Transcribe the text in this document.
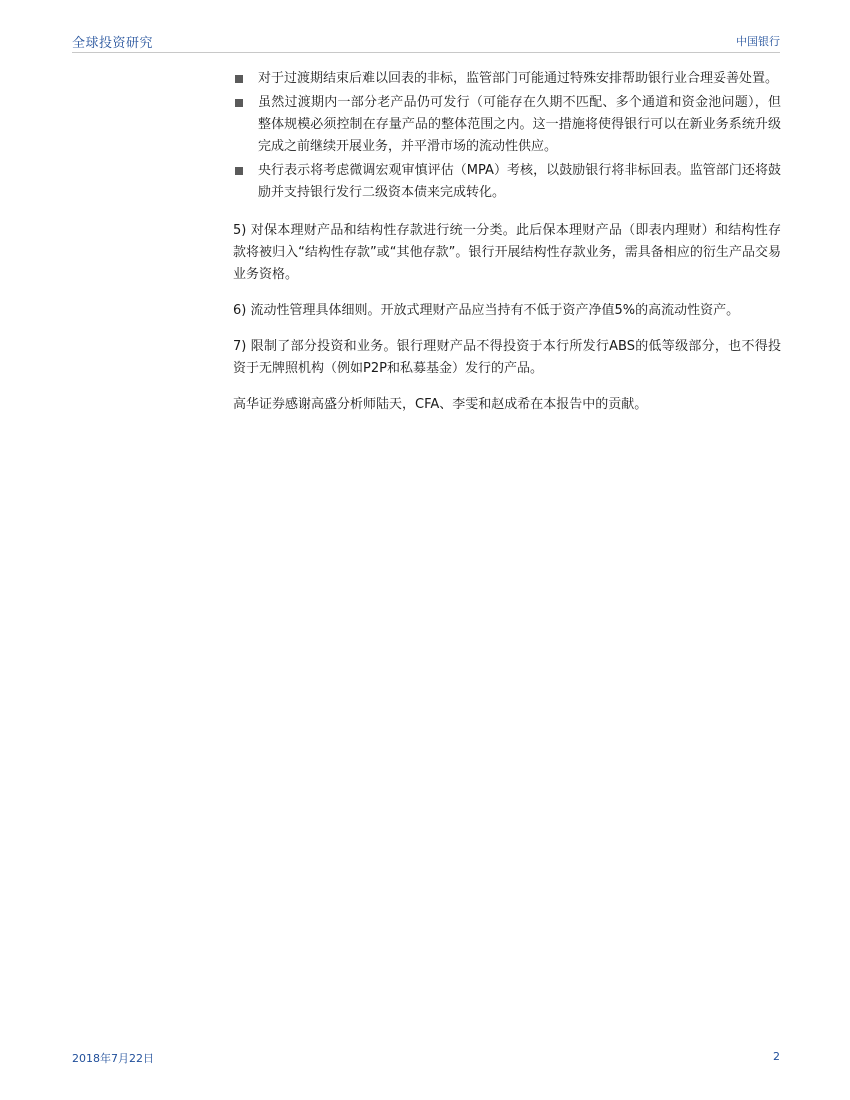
全球投资研究	中国银行
对于过渡期结束后难以回表的非标，监管部门可能通过特殊安排帮助银行业合理妥善处置。
虽然过渡期内一部分老产品仍可发行（可能存在久期不匹配、多个通道和资金池问题），但整体规模必须控制在存量产品的整体范围之内。这一措施将使得银行可以在新业务系统升级完成之前继续开展业务，并平滑市场的流动性供应。
央行表示将考虑微调宏观审慎评估（MPA）考核，以鼓励银行将非标回表。监管部门还将鼓励并支持银行发行二级资本债来完成转化。

5) 对保本理财产品和结构性存款进行统一分类。此后保本理财产品（即表内理财）和结构性存款将被归入“结构性存款”或“其他存款”。银行开展结构性存款业务，需具备相应的衍生产品交易业务资格。

6) 流动性管理具体细则。开放式理财产品应当持有不低于资产净值5%的高流动性资产。

7) 限制了部分投资和业务。银行理财产品不得投资于本行所发行ABS的低等级部分，也不得投资于无牌照机构（例如P2P和私募基金）发行的产品。

高华证券感谢高盛分析师陆天，CFA、李雯和赵成希在本报告中的贡献。

2018年7月22日	2
